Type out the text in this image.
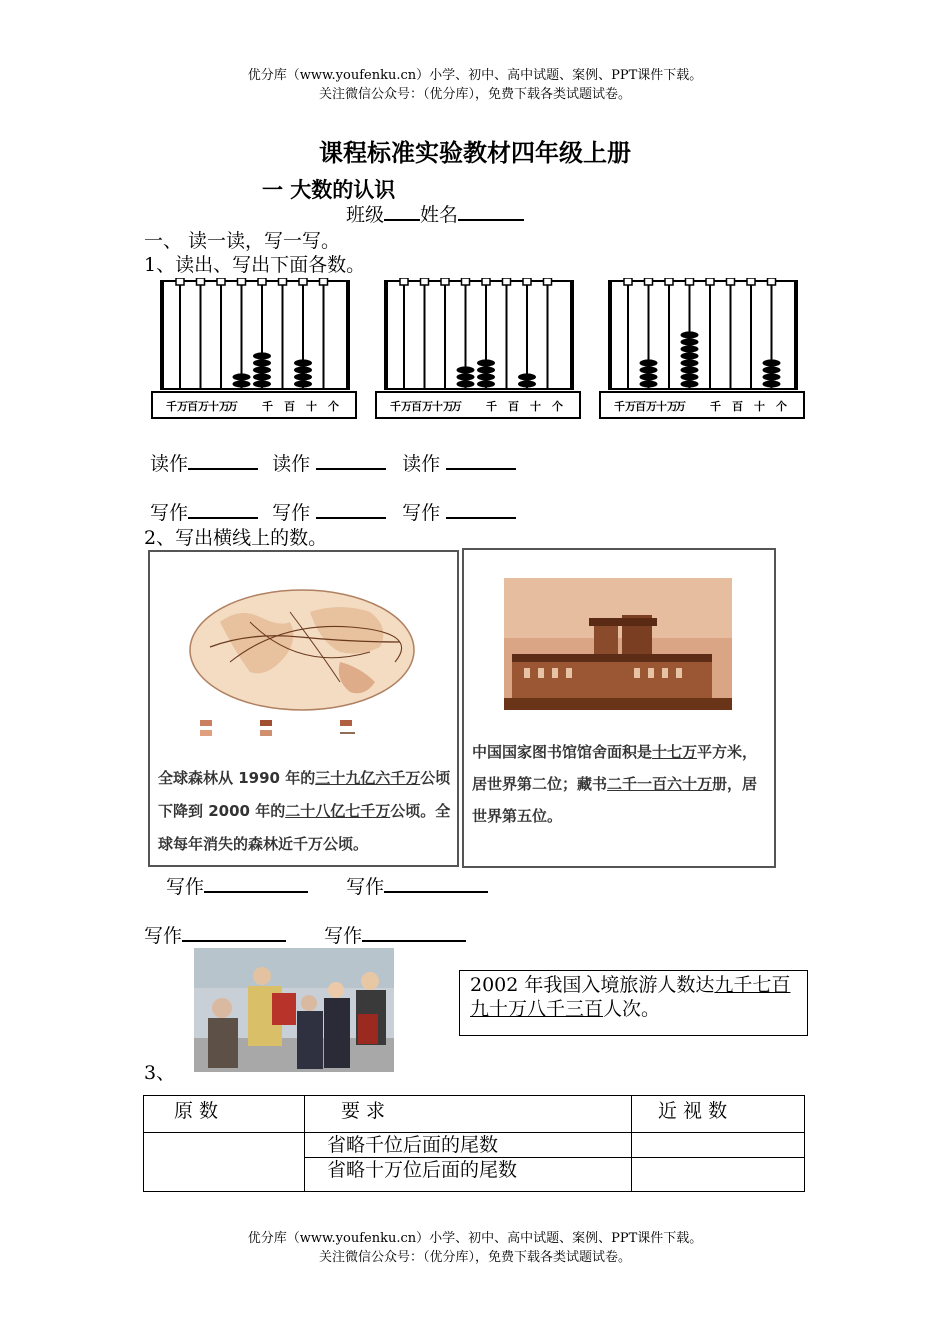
优分库（www.youfenku.cn）小学、初中、高中试题、案例、PPT课件下载。
关注微信公众号：（优分库），免费下载各类试题试卷。
课程标准实验教材四年级上册
一 大数的认识
班级 姓名
一、 读一读，写一写。
1、读出、写出下面各数。
千万 百万 十万
万 千 百 十 个	千万 百万 十万
万 千 百 十 个	千万 百万 十万
万 千 百 十 个
读作	读作	读作
写作	写作	写作
2、写出横线上的数。
全球森林从 1990 年的三十九亿六千万公顷下降到 2000 年的二十八亿七千万公顷。全球每年消失的森林近千万公顷。
中国国家图书馆馆舍面积是十七万平方米，居世界第二位；藏书二千一百六十万册，居世界第五位。
写作	写作
写作	写作
2002 年我国入境旅游人数达九千七百九十万八千三百人次。
3、
原 数	要 求	近 视 数
	省略千位后面的尾数	
	省略十万位后面的尾数	
优分库（www.youfenku.cn）小学、初中、高中试题、案例、PPT课件下载。
关注微信公众号：（优分库），免费下载各类试题试卷。
